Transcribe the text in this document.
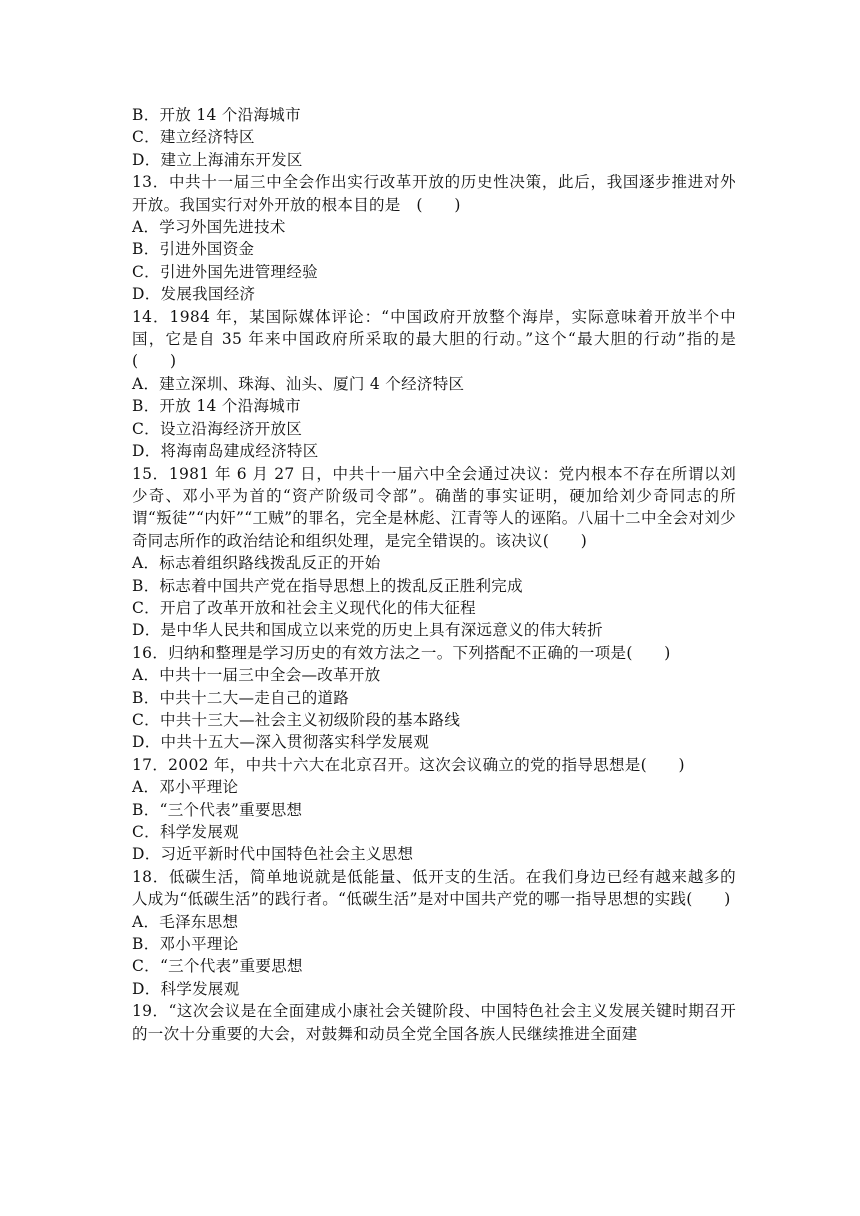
B．开放 14 个沿海城市
C．建立经济特区
D．建立上海浦东开发区
13．中共十一届三中全会作出实行改革开放的历史性决策，此后，我国逐步推进对外开放。我国实行对外开放的根本目的是　(　　)
A．学习外国先进技术
B．引进外国资金
C．引进外国先进管理经验
D．发展我国经济
14．1984 年，某国际媒体评论：“中国政府开放整个海岸，实际意味着开放半个中国，它是自 35 年来中国政府所采取的最大胆的行动。”这个“最大胆的行动”指的是(　　)
A．建立深圳、珠海、汕头、厦门 4 个经济特区
B．开放 14 个沿海城市
C．设立沿海经济开放区
D．将海南岛建成经济特区
15．1981 年 6 月 27 日，中共十一届六中全会通过决议：党内根本不存在所谓以刘少奇、邓小平为首的“资产阶级司令部”。确凿的事实证明，硬加给刘少奇同志的所谓“叛徒”“内奸”“工贼”的罪名，完全是林彪、江青等人的诬陷。八届十二中全会对刘少奇同志所作的政治结论和组织处理，是完全错误的。该决议(　　)
A．标志着组织路线拨乱反正的开始
B．标志着中国共产党在指导思想上的拨乱反正胜利完成
C．开启了改革开放和社会主义现代化的伟大征程
D．是中华人民共和国成立以来党的历史上具有深远意义的伟大转折
16．归纳和整理是学习历史的有效方法之一。下列搭配不正确的一项是(　　)
A．中共十一届三中全会—改革开放
B．中共十二大—走自己的道路
C．中共十三大—社会主义初级阶段的基本路线
D．中共十五大—深入贯彻落实科学发展观
17．2002 年，中共十六大在北京召开。这次会议确立的党的指导思想是(　　)
A．邓小平理论
B．“三个代表”重要思想
C．科学发展观
D．习近平新时代中国特色社会主义思想
18．低碳生活，简单地说就是低能量、低开支的生活。在我们身边已经有越来越多的人成为“低碳生活”的践行者。“低碳生活”是对中国共产党的哪一指导思想的实践(　　)
A．毛泽东思想
B．邓小平理论
C．“三个代表”重要思想
D．科学发展观
19．“这次会议是在全面建成小康社会关键阶段、中国特色社会主义发展关键时期召开的一次十分重要的大会，对鼓舞和动员全党全国各族人民继续推进全面建
